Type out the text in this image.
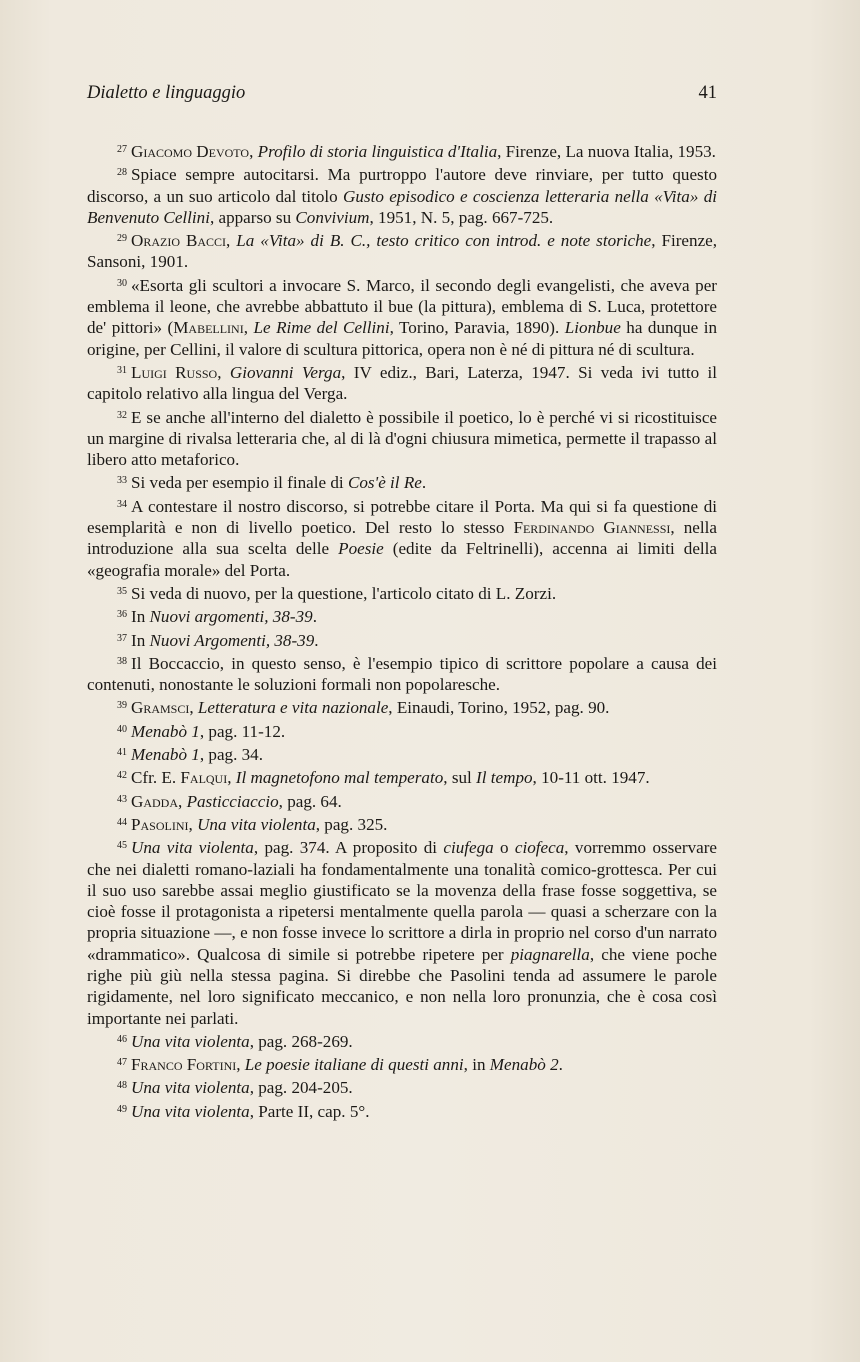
Dialetto e linguaggio	41

$^{27}$ Giacomo Devoto, Profilo di storia linguistica d'Italia, Firenze, La nuova Italia, 1953.

$^{28}$ Spiace sempre autocitarsi. Ma purtroppo l'autore deve rinviare, per tutto questo discorso, a un suo articolo dal titolo Gusto episodico e coscienza letteraria nella «Vita» di Benvenuto Cellini, apparso su Convivium, 1951, N. 5, pag. 667-725.

$^{29}$ Orazio Bacci, La «Vita» di B. C., testo critico con introd. e note storiche, Firenze, Sansoni, 1901.

$^{30}$ «Esorta gli scultori a invocare S. Marco, il secondo degli evangelisti, che aveva per emblema il leone, che avrebbe abbattuto il bue (la pittura), emblema di S. Luca, protettore de' pittori» (Mabellini, Le Rime del Cellini, Torino, Paravia, 1890). Lionbue ha dunque in origine, per Cellini, il valore di scultura pittorica, opera non è né di pittura né di scultura.

$^{31}$ Luigi Russo, Giovanni Verga, IV ediz., Bari, Laterza, 1947. Si veda ivi tutto il capitolo relativo alla lingua del Verga.

$^{32}$ E se anche all'interno del dialetto è possibile il poetico, lo è perché vi si ricostituisce un margine di rivalsa letteraria che, al di là d'ogni chiusura mimetica, permette il trapasso al libero atto metaforico.

$^{33}$ Si veda per esempio il finale di Cos'è il Re.

$^{34}$ A contestare il nostro discorso, si potrebbe citare il Porta. Ma qui si fa questione di esemplarità e non di livello poetico. Del resto lo stesso Ferdinando Giannessi, nella introduzione alla sua scelta delle Poesie (edite da Feltrinelli), accenna ai limiti della «geografia morale» del Porta.

$^{35}$ Si veda di nuovo, per la questione, l'articolo citato di L. Zorzi.

$^{36}$ In Nuovi argomenti, 38-39.

$^{37}$ In Nuovi Argomenti, 38-39.

$^{38}$ Il Boccaccio, in questo senso, è l'esempio tipico di scrittore popolare a causa dei contenuti, nonostante le soluzioni formali non popolaresche.

$^{39}$ Gramsci, Letteratura e vita nazionale, Einaudi, Torino, 1952, pag. 90.

$^{40}$ Menabò 1, pag. 11-12.

$^{41}$ Menabò 1, pag. 34.

$^{42}$ Cfr. E. Falqui, Il magnetofono mal temperato, sul Il tempo, 10-11 ott. 1947.

$^{43}$ Gadda, Pasticciaccio, pag. 64.

$^{44}$ Pasolini, Una vita violenta, pag. 325.

$^{45}$ Una vita violenta, pag. 374. A proposito di ciufega o ciofeca, vorremmo osservare che nei dialetti romano-laziali ha fondamentalmente una tonalità comico-grottesca. Per cui il suo uso sarebbe assai meglio giustificato se la movenza della frase fosse soggettiva, se cioè fosse il protagonista a ripetersi mentalmente quella parola — quasi a scherzare con la propria situazione —, e non fosse invece lo scrittore a dirla in proprio nel corso d'un narrato «drammatico». Qualcosa di simile si potrebbe ripetere per piagnarella, che viene poche righe più giù nella stessa pagina. Si direbbe che Pasolini tenda ad assumere le parole rigidamente, nel loro significato meccanico, e non nella loro pronunzia, che è cosa così importante nei parlati.

$^{46}$ Una vita violenta, pag. 268-269.

$^{47}$ Franco Fortini, Le poesie italiane di questi anni, in Menabò 2.

$^{48}$ Una vita violenta, pag. 204-205.

$^{49}$ Una vita violenta, Parte II, cap. 5°.
